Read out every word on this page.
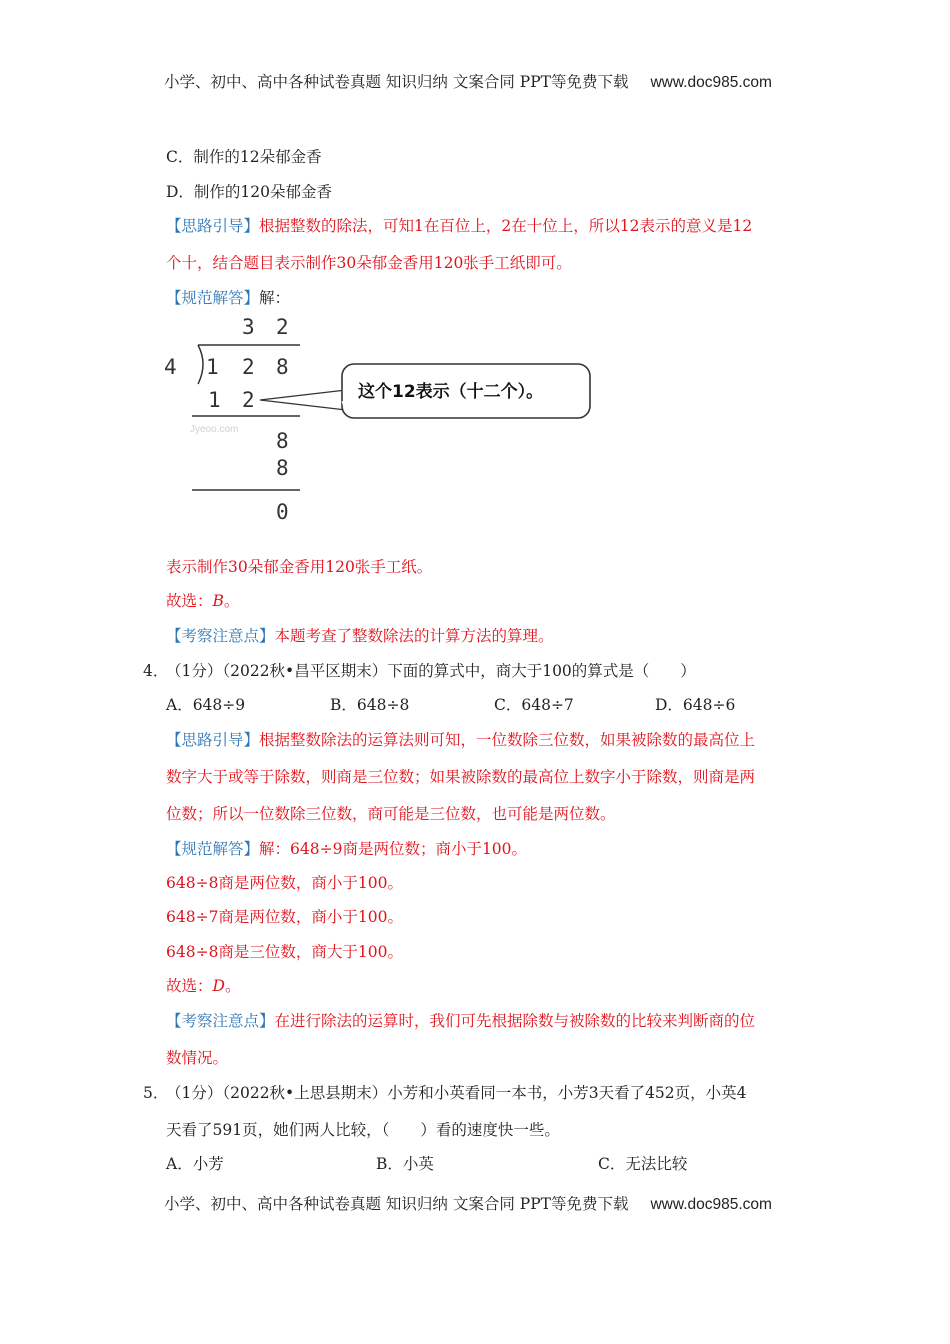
小学、初中、高中各种试卷真题 知识归纳 文案合同 PPT等免费下载 www.doc985.com
C．制作的12朵郁金香
D．制作的120朵郁金香
【思路引导】根据整数的除法，可知1在百位上，2在十位上，所以12表示的意义是12
个十，结合题目表示制作30朵郁金香用120张手工纸即可。
【规范解答】解：
Jyeoo.com
3 2
4 1 2 8
1 2	这个12表示（十二个）。
8
8
0
表示制作30朵郁金香用120张手工纸。
故选：B。
【考察注意点】本题考查了整数除法的计算方法的算理。
4．
（1分）（2022秋•昌平区期末）下面的算式中，商大于100的算式是（　　）
A．648÷9	B．648÷8	C．648÷7	D．648÷6
【思路引导】根据整数除法的运算法则可知，一位数除三位数，如果被除数的最高位上
数字大于或等于除数，则商是三位数；如果被除数的最高位上数字小于除数，则商是两
位数；所以一位数除三位数，商可能是三位数，也可能是两位数。
【规范解答】解：648÷9商是两位数；商小于100。
648÷8商是两位数，商小于100。
648÷7商是两位数，商小于100。
648÷8商是三位数，商大于100。
故选：D。
【考察注意点】在进行除法的运算时，我们可先根据除数与被除数的比较来判断商的位
数情况。
5．
（1分）（2022秋•上思县期末）小芳和小英看同一本书，小芳3天看了452页，小英4
天看了591页，她们两人比较，（　　）看的速度快一些。
A．小芳	B．小英	C．无法比较
小学、初中、高中各种试卷真题 知识归纳 文案合同 PPT等免费下载 www.doc985.com
